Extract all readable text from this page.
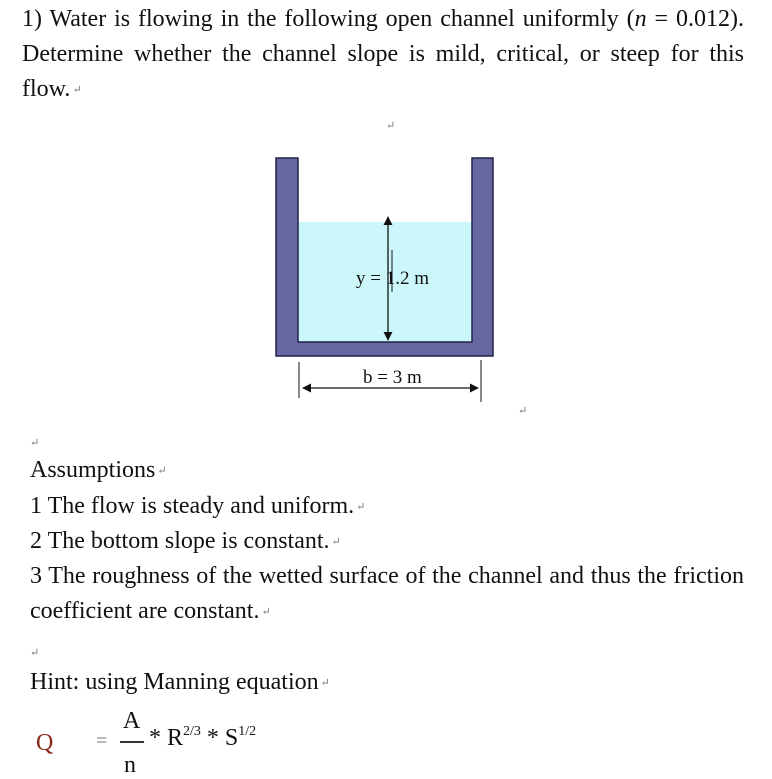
1) Water is flowing in the following open channel uniformly (n = 0.012). Determine whether the channel slope is mild, critical, or steep for this flow. ↵
↵
y = 1.2 m
b = 3 m
↵
↵
Assumptions ↵
1 The flow is steady and uniform. ↵
2 The bottom slope is constant. ↵
3 The roughness of the wetted surface of the channel and thus the friction coefficient are constant. ↵
↵
Hint: using Manning equation ↵
Q =
A
n
* $R^{2/3} * S^{1/2}$
